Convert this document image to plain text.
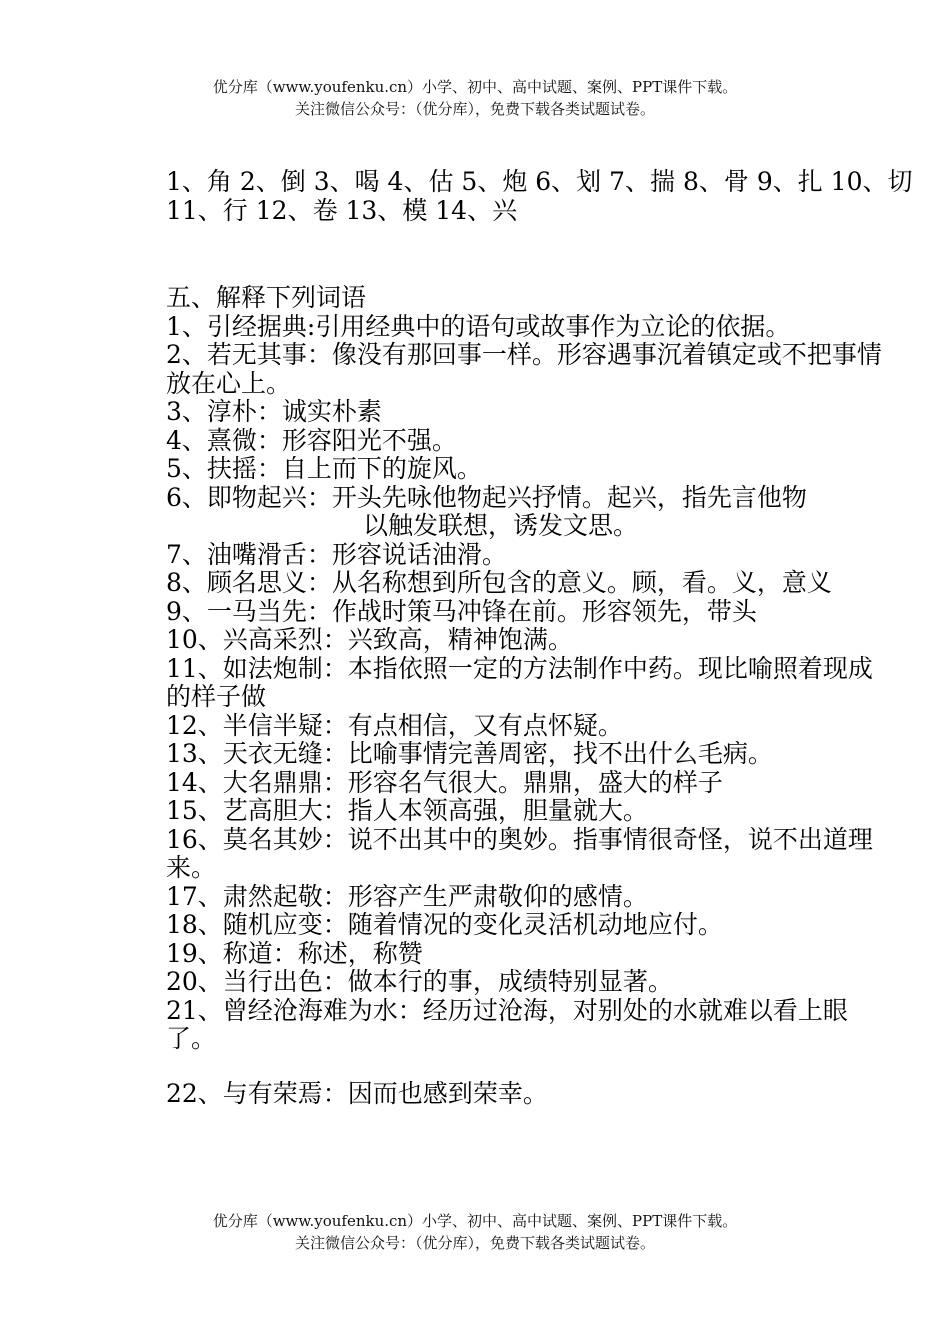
优分库（www.youfenku.cn）小学、初中、高中试题、案例、PPT课件下载。
关注微信公众号：（优分库），免费下载各类试题试卷。

1、角 2、倒 3、喝 4、估 5、炮 6、划 7、揣 8、骨 9、扎 10、切

11、行 12、卷 13、模 14、兴

五、解释下列词语

1、引经据典:引用经典中的语句或故事作为立论的依据。

2、若无其事：像没有那回事一样。形容遇事沉着镇定或不把事情放在心上。

3、淳朴：诚实朴素

4、熹微：形容阳光不强。

5、扶摇：自上而下的旋风。

6、即物起兴：开头先咏他物起兴抒情。起兴，指先言他物
以触发联想，诱发文思。

7、油嘴滑舌：形容说话油滑。

8、顾名思义：从名称想到所包含的意义。顾，看。义，意义

9、一马当先：作战时策马冲锋在前。形容领先，带头

10、兴高采烈：兴致高，精神饱满。

11、如法炮制：本指依照一定的方法制作中药。现比喻照着现成的样子做

12、半信半疑：有点相信，又有点怀疑。

13、天衣无缝：比喻事情完善周密，找不出什么毛病。

14、大名鼎鼎：形容名气很大。鼎鼎，盛大的样子

15、艺高胆大：指人本领高强，胆量就大。

16、莫名其妙：说不出其中的奥妙。指事情很奇怪，说不出道理来。

17、肃然起敬：形容产生严肃敬仰的感情。

18、随机应变：随着情况的变化灵活机动地应付。

19、称道：称述，称赞

20、当行出色：做本行的事，成绩特别显著。

21、曾经沧海难为水：经历过沧海，对别处的水就难以看上眼了。

22、与有荣焉：因而也感到荣幸。

优分库（www.youfenku.cn）小学、初中、高中试题、案例、PPT课件下载。
关注微信公众号：（优分库），免费下载各类试题试卷。
